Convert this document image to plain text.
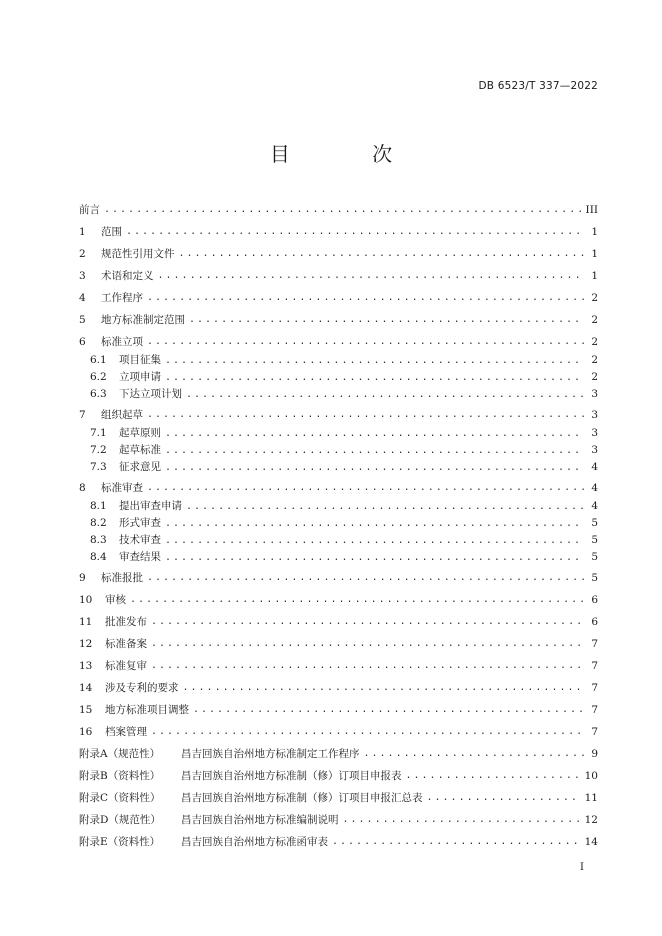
DB 6523/T 337—2022
目 次
前言 .....	III
1	范围 .....	1
2	规范性引用文件 .....	1
3	术语和定义 .....	1
4	工作程序 .....	2
5	地方标准制定范围 .....	2
6	标准立项 .....	2
6.1	项目征集 .....	2
6.2	立项申请 .....	2
6.3	下达立项计划 .....	3
7	组织起草 .....	3
7.1	起草原则 .....	3
7.2	起草标准 .....	3
7.3	征求意见 .....	4
8	标准审查 .....	4
8.1	提出审查申请 .....	4
8.2	形式审查 .....	5
8.3	技术审查 .....	5
8.4	审查结果 .....	5
9	标准报批 .....	5
10	审核 .....	6
11	批准发布 .....	6
12	标准备案 .....	7
13	标准复审 .....	7
14	涉及专利的要求 .....	7
15	地方标准项目调整 .....	7
16	档案管理 .....	7
附录A（规范性）	昌吉回族自治州地方标准制定工作程序 .....	9
附录B（资料性）	昌吉回族自治州地方标准制（修）订项目申报表 .....	10
附录C（资料性）	昌吉回族自治州地方标准制（修）订项目申报汇总表 .....	11
附录D（规范性）	昌吉回族自治州地方标准编制说明 .....	12
附录E（资料性）	昌吉回族自治州地方标准函审表 .....	14
I
